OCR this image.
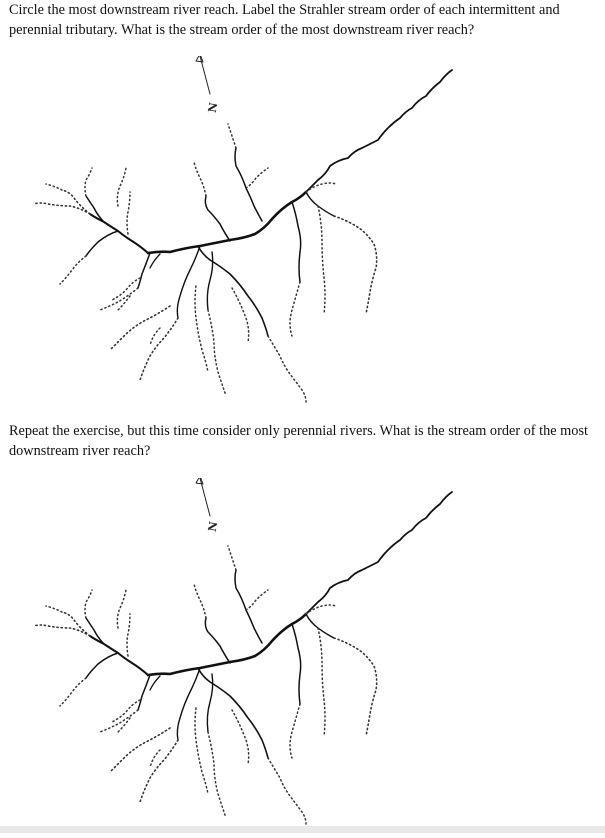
Circle the most downstream river reach. Label the Strahler stream order of each intermittent and perennial tributary. What is the stream order of the most downstream river reach?

N

Repeat the exercise, but this time consider only perennial rivers. What is the stream order of the most downstream river reach?

N
